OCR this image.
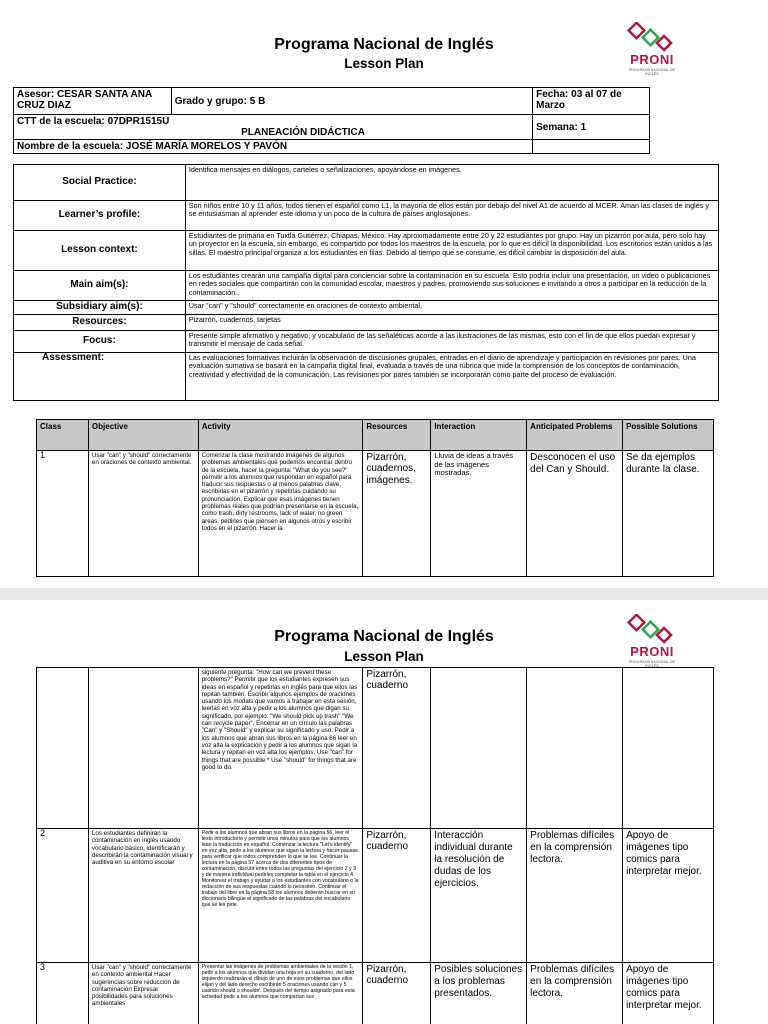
Programa Nacional de Inglés
Lesson Plan	PRONI
PROGRAMA NACIONAL DE INGLÉS
Asesor: CESAR SANTA ANA CRUZ DIAZ	Grado y grupo: 5 B	Fecha: 03 al 07 de Marzo

CTT de la escuela: 07DPR1515U
PLANEACIÓN DIDÁCTICA		Semana: 1
Nombre de la escuela: JOSÉ MARÍA MORELOS Y PAVÓN		
Social Practice:	Identifica mensajes en diálogos, carteles o señalizaciones, apoyándose en imágenes.
Learner’s profile:	Son niños entre 10 y 11 años, todos tienen el español como L1, la mayoría de ellos están por debajo del nivel A1 de acuerdo al MCER. Aman las clases de inglés y se entusiasman al aprender este idioma y un poco de la cultura de países anglosajones.
Lesson context:	Estudiantes de primaria en Tuxtla Gutiérrez, Chiapas, México. Hay aproximadamente entre 20 y 22 estudiantes por grupo. Hay un pizarrón por aula, pero solo hay un proyector en la escuela, sin embargo, es compartido por todos los maestros de la escuela, por lo que es difícil la disponibilidad. Los escritorios están unidos a las sillas. El maestro principal organiza a los estudiantes en filas. Debido al tiempo que se consume, es difícil cambiar la disposición del aula.
Main aim(s):	Los estudiantes crearán una campaña digital para concienciar sobre la contaminación en su escuela. Esto podría incluir una presentación, un video o publicaciones en redes sociales que compartirán con la comunidad escolar, maestros y padres, promoviendo sus soluciones e invitando a otros a participar en la reducción de la contaminación..
Subsidiary aim(s):	Usar "can" y "should" correctamente en oraciones de contexto ambiental.
Resources:	Pizarrón, cuadernos, tarjetas
Focus:	Presente simple afirmativo y negativo, y vocabulario de las señaléticas acorde a las ilustraciones de las mismas, esto con el fin de que ellos puedan expresar y transmitir el mensaje de cada señal.
Assessment:	Las evaluaciones formativas incluirán la observación de discusiones grupales, entradas en el diario de aprendizaje y participación en revisiones por pares. Una evaluación sumativa se basará en la campaña digital final, evaluada a través de una rúbrica que mide la comprensión de los conceptos de contaminación, creatividad y efectividad de la comunicación. Las revisiones por pares también se incorporarán como parte del proceso de evaluación.
Class	Objective	Activity	Resources	Interaction	Anticipated Problems	Possible Solutions
1	Usar "can" y "should" correctamente en oraciones de contexto ambiental.	Comenzar la clase mostrando imágenes de algunos problemas ambientales que podemos encontrar dentro de la escuela, hacer la pregunta: "What do you see?" permitir a los alumnos que respondan en español para traducir sus respuestas o al menos palabras clave, escribirlas en el pizarrón y repetirlas cuidando su pronunciación. Explicar que esas imágenes tienen problemas reales que podrían presentarse en la escuela, como trash, dirty restrooms, lack of water, no green areas, pedirles que piensen en algunos otros y escribir todos en el pizarrón. Hacer la	Pizarrón, cuadernos, imágenes.	Lluvia de ideas a través de las imágenes mostradas.	Desconocen el uso del Can y Should.	Se da ejemplos durante la clase.
Programa Nacional de Inglés
Lesson Plan	PRONI
PROGRAMA NACIONAL DE INGLÉS
		siguiente pregunta: "How can we prevent these problems?" Permitir que los estudiantes expresen sus ideas en español y repetirlas en inglés para que ellos las repitan también. Escribir algunos ejemplos de oraciones usando los modals que vamos a trabajar en esta sesión, leerlas en voz alta y pedir a los alumnos que digan su significado, por ejemplo: "We should pick up trash" "We can recycle paper". Encerrar en un círculo las palabras "Can" y "Should" y explicar su significado y uso. Pedir a los alumnos que abran sus libros en la página 66 leer en voz alta la explicación y pedir a los alumnos que sigan la lectura y repitan en voz alta los ejemplos. Use "can" for things that are possible * Use "should" for things that are good to do.	Pizarrón, cuaderno			
2	Los estudiantes definirán la contaminación en inglés usando vocabulario básico, identificarán y describirán la contaminación visual y auditiva en su entorno escolar	Pedir a los alumnos que abran sus libros en la página 56, leer el texto introductorio y permitir unos minutos para que los alumnos lean la traducción en español. Comenzar la lectura "Let's identify" en voz alta, pedir a los alumnos que sigan la lectura y hacer pausas para verificar que todos comprenden lo que se lee. Continuar la lectura en la página 57 acerca de dos diferentes tipos de contaminación, discutir entre todos las preguntas del ejercicio 2 y 3 y de manera individual pedirles completar la tabla en el ejercicio 4. Monitorear el trabajo y ayudar a los estudiantes con vocabulario o la redacción de sus respuestas cuando lo necesiten. Continuar el trabajo del libro en la página 58 los alumnos deberán buscar en su diccionario bilingüe el significado de las palabras del vocabulario que se les pide.	Pizarrón, cuaderno	Interacción individual durante la resolución de dudas de los ejercicios.	Problemas difíciles en la comprensión lectora.	Apoyo de imágenes tipo comics para interpretar mejor.
3	Usar "can" y "should" correctamente en contexto ambiental Hacer sugerencias sobre reducción de contaminación Expresar posibilidades para soluciones ambientales	Presentar las imágenes de problemas ambientales de la sesión 1, pedir a los alumnos que dividan una hoja en su cuaderno, del lado izquierdo realizarán el dibujo de uno de esos problemas que ellos elijan y del lado derecho escribirán 5 oraciones usando can y 5 usando should o shouldn'. Después del tiempo asignado para esta actividad pedir a los alumnos que compartan sus	Pizarrón, cuaderno	Posibles soluciones a los problemas presentados.	Problemas difíciles en la comprensión lectora.	Apoyo de imágenes tipo comics para interpretar mejor.
